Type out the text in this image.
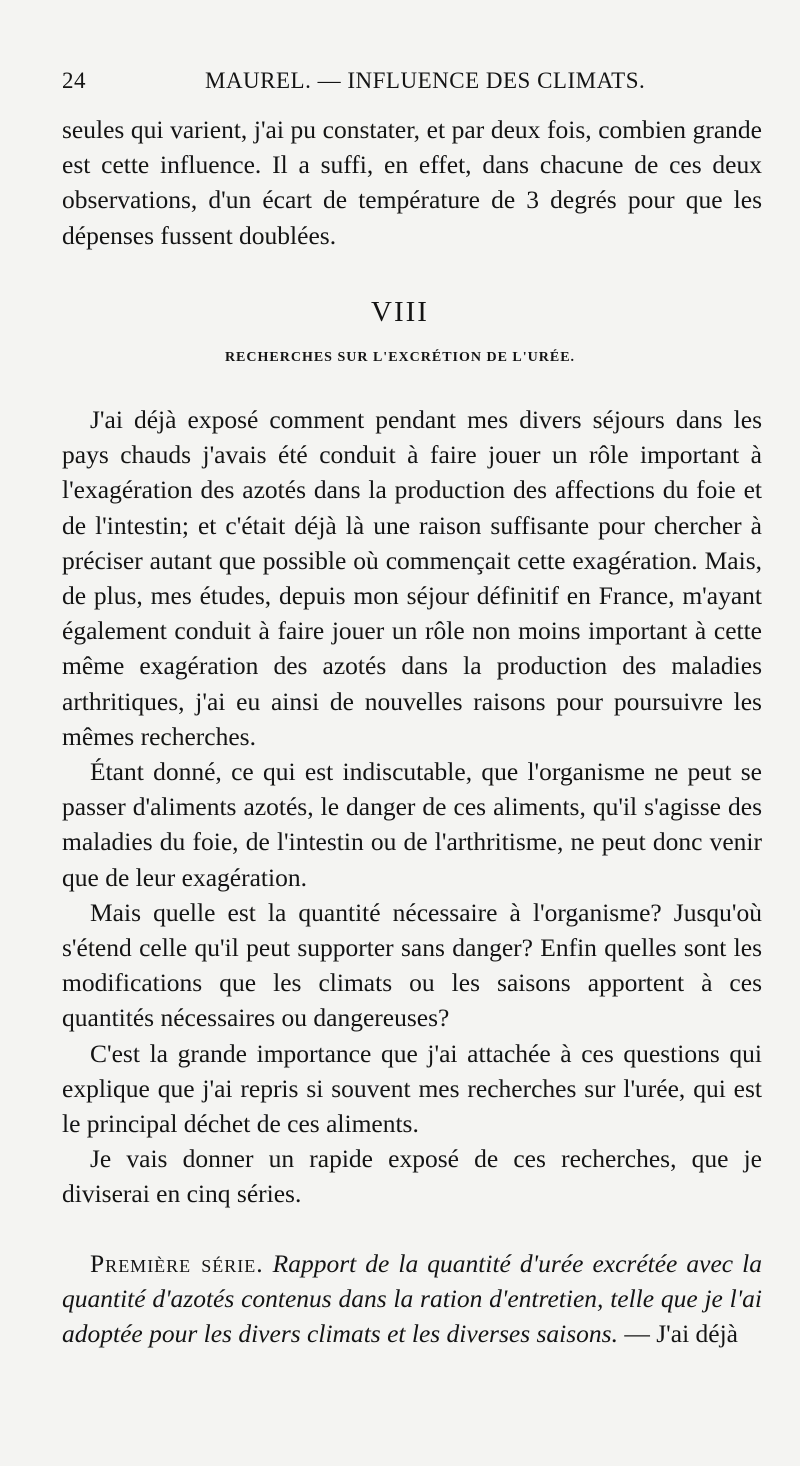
24	MAUREL. — INFLUENCE DES CLIMATS.

seules qui varient, j'ai pu constater, et par deux fois, combien grande est cette influence. Il a suffi, en effet, dans chacune de ces deux observations, d'un écart de température de 3 degrés pour que les dépenses fussent doublées.

VIII
RECHERCHES SUR L'EXCRÉTION DE L'URÉE.

J'ai déjà exposé comment pendant mes divers séjours dans les pays chauds j'avais été conduit à faire jouer un rôle important à l'exagération des azotés dans la production des affections du foie et de l'intestin; et c'était déjà là une raison suffisante pour chercher à préciser autant que possible où commençait cette exagération. Mais, de plus, mes études, depuis mon séjour définitif en France, m'ayant également conduit à faire jouer un rôle non moins important à cette même exagération des azotés dans la production des maladies arthritiques, j'ai eu ainsi de nouvelles raisons pour poursuivre les mêmes recherches.

Étant donné, ce qui est indiscutable, que l'organisme ne peut se passer d'aliments azotés, le danger de ces aliments, qu'il s'agisse des maladies du foie, de l'intestin ou de l'arthritisme, ne peut donc venir que de leur exagération.

Mais quelle est la quantité nécessaire à l'organisme? Jusqu'où s'étend celle qu'il peut supporter sans danger? Enfin quelles sont les modifications que les climats ou les saisons apportent à ces quantités nécessaires ou dangereuses?

C'est la grande importance que j'ai attachée à ces questions qui explique que j'ai repris si souvent mes recherches sur l'urée, qui est le principal déchet de ces aliments.

Je vais donner un rapide exposé de ces recherches, que je diviserai en cinq séries.

Première série. Rapport de la quantité d'urée excrétée avec la quantité d'azotés contenus dans la ration d'entretien, telle que je l'ai adoptée pour les divers climats et les diverses saisons. — J'ai déjà
